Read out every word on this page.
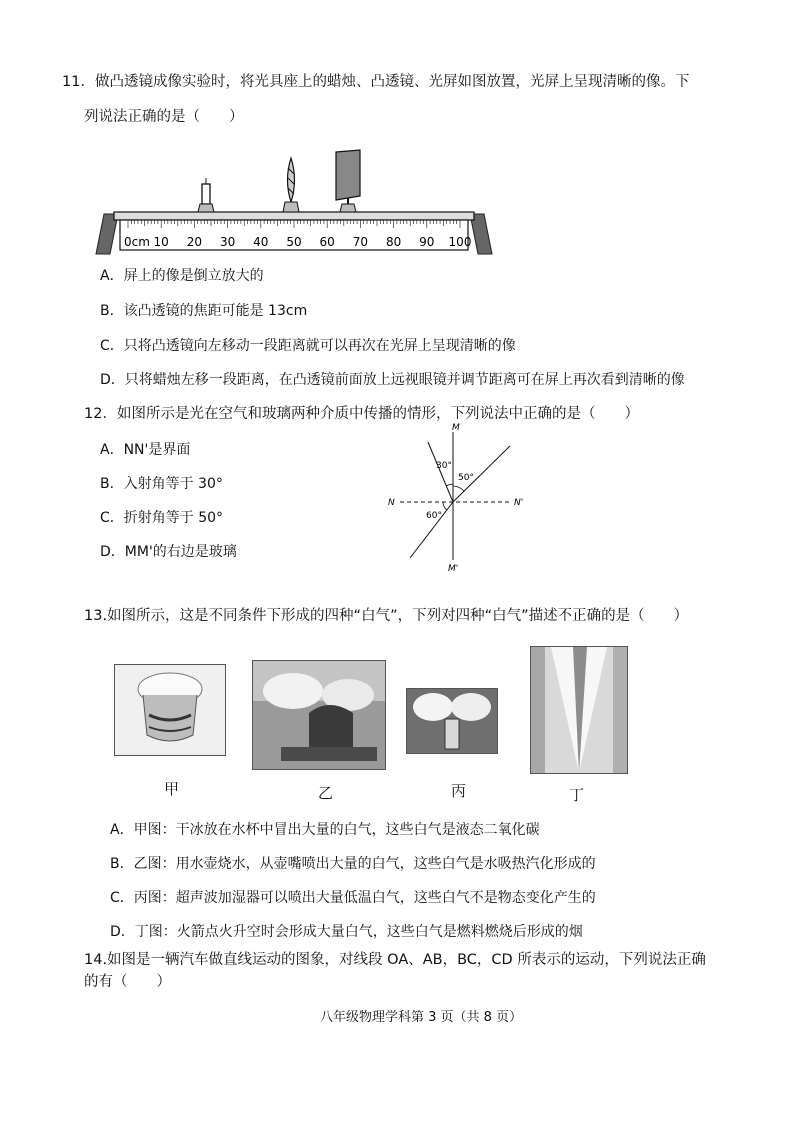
11．做凸透镜成像实验时，将光具座上的蜡烛、凸透镜、光屏如图放置，光屏上呈现清晰的像。下
列说法正确的是（　　）
0cm 10 20 30 40 50 60 70 80 90 100
A．屏上的像是倒立放大的
B．该凸透镜的焦距可能是 13cm
C．只将凸透镜向左移动一段距离就可以再次在光屏上呈现清晰的像
D．只将蜡烛左移一段距离，在凸透镜前面放上远视眼镜并调节距离可在屏上再次看到清晰的像
12．如图所示是光在空气和玻璃两种介质中传播的情形，下列说法中正确的是（　　）
A．NN'是界面
B．入射角等于 30°
C．折射角等于 50°
D．MM'的右边是玻璃
M
M'
N	N'
30°
50°
60°
13.如图所示，这是不同条件下形成的四种“白气”，下列对四种“白气”描述不正确的是（　　）
甲	乙	丙	丁
A．甲图：干冰放在水杯中冒出大量的白气，这些白气是液态二氧化碳
B．乙图：用水壶烧水，从壶嘴喷出大量的白气，这些白气是水吸热汽化形成的
C．丙图：超声波加湿器可以喷出大量低温白气，这些白气不是物态变化产生的
D．丁图：火箭点火升空时会形成大量白气，这些白气是燃料燃烧后形成的烟
14.如图是一辆汽车做直线运动的图象，对线段 OA、AB，BC，CD 所表示的运动，下列说法正确
的有（　　）
八年级物理学科第 3 页（共 8 页）
